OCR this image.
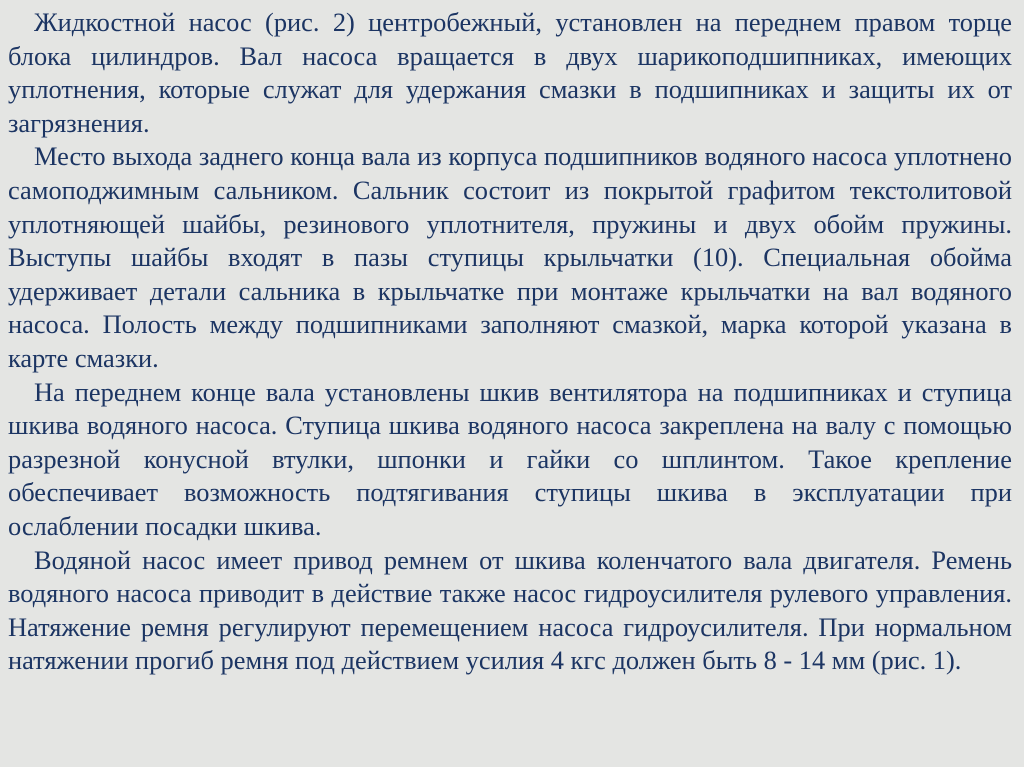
Жидкостной насос (рис. 2) центробежный, установлен на переднем правом торце блока цилиндров. Вал насоса вращается в двух шарикоподшипниках, имеющих уплотнения, которые служат для удержания смазки в подшипниках и защиты их от загрязнения.

Место выхода заднего конца вала из корпуса подшипников водяного насоса уплотнено самоподжимным сальником. Сальник состоит из покрытой графитом текстолитовой уплотняющей шайбы, резинового уплотнителя, пружины и двух обойм пружины. Выступы шайбы входят в пазы ступицы крыльчатки (10). Специальная обойма удерживает детали сальника в крыльчатке при монтаже крыльчатки на вал водяного насоса. Полость между подшипниками заполняют смазкой, марка которой указана в карте смазки.

На переднем конце вала установлены шкив вентилятора на подшипниках и ступица шкива водяного насоса. Ступица шкива водяного насоса закреплена на валу с помощью разрезной конусной втулки, шпонки и гайки со шплинтом. Такое крепление обеспечивает возможность подтягивания ступицы шкива в эксплуатации при ослаблении посадки шкива.

Водяной насос имеет привод ремнем от шкива коленчатого вала двигателя. Ремень водяного насоса приводит в действие также насос гидроусилителя рулевого управления. Натяжение ремня регулируют перемещением насоса гидроусилителя. При нормальном натяжении прогиб ремня под действием усилия 4 кгс должен быть 8 - 14 мм (рис. 1).
